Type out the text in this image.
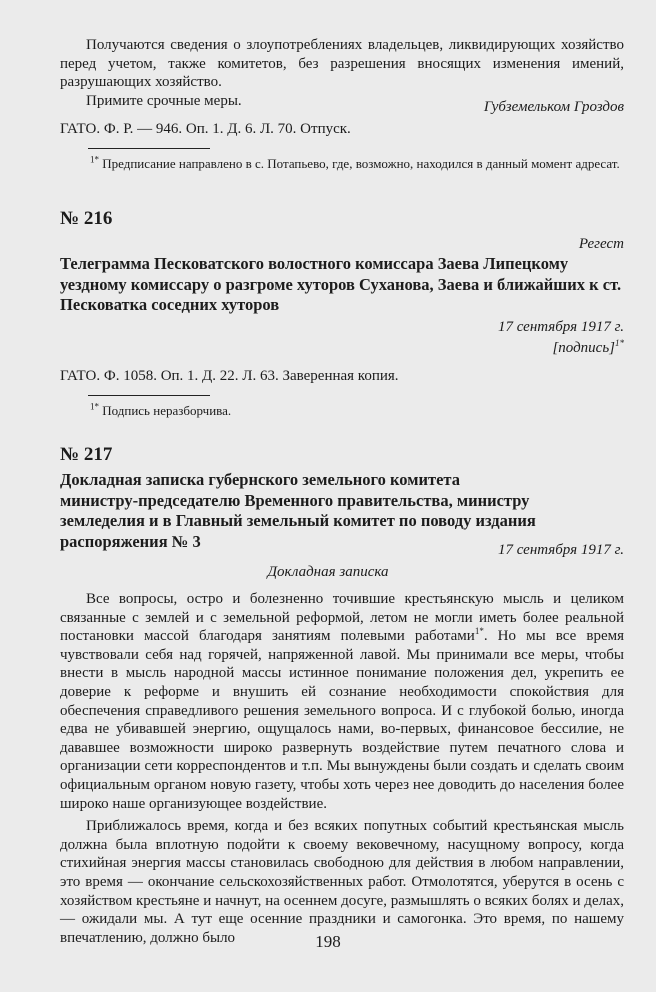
Получаются сведения о злоупотреблениях владельцев, ликвидирующих хозяйство перед учетом, также комитетов, без разрешения вносящих изменения имений, разрушающих хозяйство.

Примите срочные меры.	Губземельком Гроздов
ГАТО. Ф. Р. — 946. Оп. 1. Д. 6. Л. 70. Отпуск.
$^{1*}$ Предписание направлено в с. Потапьево, где, возможно, находился в данный момент адресат.
№ 216
Регест
Телеграмма Песковатского волостного комиссара Заева Липецкому уездному комиссару о разгроме хуторов Суханова, Заева и ближайших к ст. Песковатка соседних хуторов
17 сентября 1917 г.
[подпись]$^{1*}$
ГАТО. Ф. 1058. Оп. 1. Д. 22. Л. 63. Заверенная копия.
$^{1*}$ Подпись неразборчива.
№ 217
Докладная записка губернского земельного комитета министру-председателю Временного правительства, министру земледелия и в Главный земельный комитет по поводу издания распоряжения № 3	17 сентября 1917 г.
Докладная записка

Все вопросы, остро и болезненно точившие крестьянскую мысль и целиком связанные с землей и с земельной реформой, летом не могли иметь более реальной постановки массой благодаря занятиям полевыми работами$^{1*}$. Но мы все время чувствовали себя над горячей, напряженной лавой. Мы принимали все меры, чтобы внести в мысль народной массы истинное понимание положения дел, укрепить ее доверие к реформе и внушить ей сознание необходимости спокойствия для обеспечения справедливого решения земельного вопроса. И с глубокой болью, иногда едва не убивавшей энергию, ощущалось нами, во-первых, финансовое бессилие, не дававшее возможности широко развернуть воздействие путем печатного слова и организации сети корреспондентов и т.п. Мы вынуждены были создать и сделать своим официальным органом новую газету, чтобы хоть через нее доводить до населения более широко наше организующее воздействие.

Приближалось время, когда и без всяких попутных событий крестьянская мысль должна была вплотную подойти к своему вековечному, насущному вопросу, когда стихийная энергия массы становилась свободною для действия в любом направлении, это время — окончание сельскохозяйственных работ. Отмолотятся, уберутся в осень с хозяйством крестьяне и начнут, на осеннем досуге, размышлять о всяких болях и делах, — ожидали мы. А тут еще осенние праздники и самогонка. Это время, по нашему впечатлению, должно было	198
